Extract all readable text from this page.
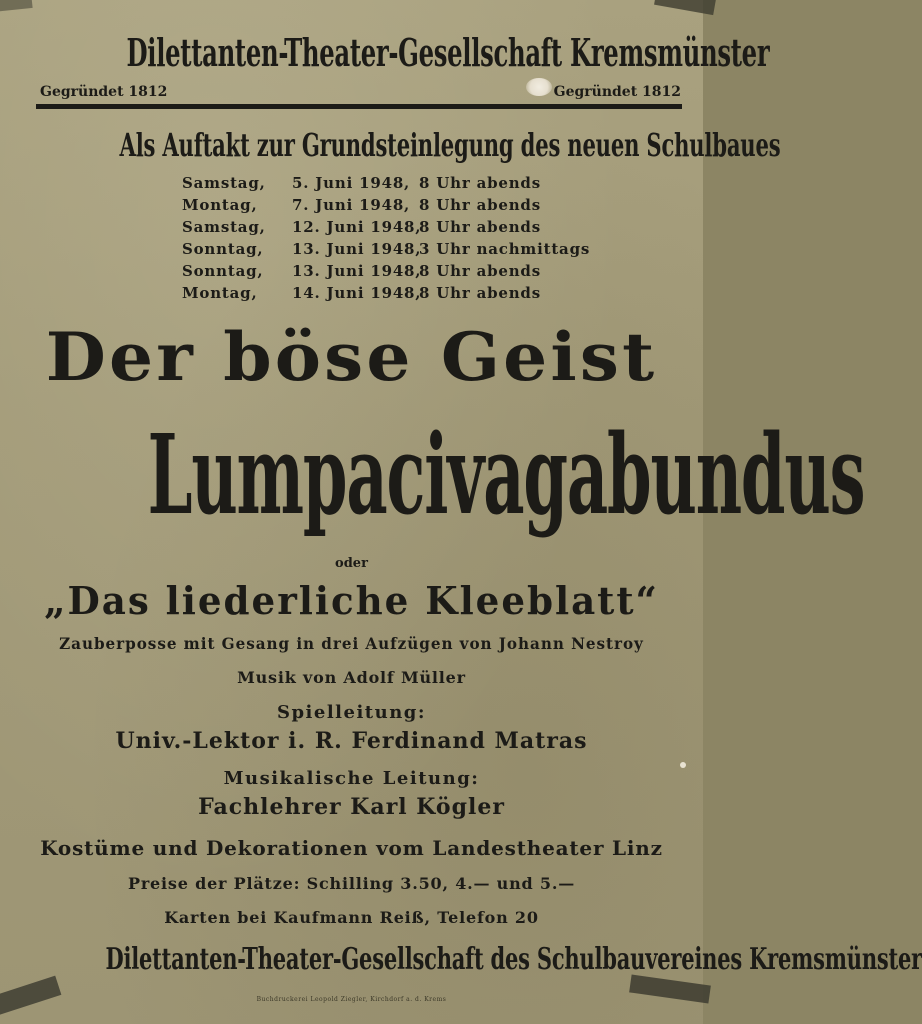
Dilettanten-Theater-Gesellschaft Kremsmünster
Gegründet 1812	Gegründet 1812
Als Auftakt zur Grundsteinlegung des neuen Schulbaues
Samstag, 5. Juni 1948, 8 Uhr abends
Montag, 7. Juni 1948, 8 Uhr abends
Samstag, 12. Juni 1948,
8 Uhr abends
Sonntag, 13. Juni 1948,
3 Uhr nachmittags
Sonntag, 13. Juni 1948,
8 Uhr abends
Montag, 14. Juni 1948,
8 Uhr abends
Der böse Geist
Lumpacivagabundus
oder
„Das liederliche Kleeblatt“
Zauberposse mit Gesang in drei Aufzügen von Johann Nestroy
Musik von Adolf Müller
Spielleitung:
Univ.-Lektor i. R. Ferdinand Matras
Musikalische Leitung:
Fachlehrer Karl Kögler
Kostüme und Dekorationen vom Landestheater Linz
Preise der Plätze: Schilling 3.50, 4.— und 5.—
Karten bei Kaufmann Reiß, Telefon 20
Dilettanten-Theater-Gesellschaft des Schulbauvereines Kremsmünster
Buchdruckerei Leopold Ziegler, Kirchdorf a. d. Krems
